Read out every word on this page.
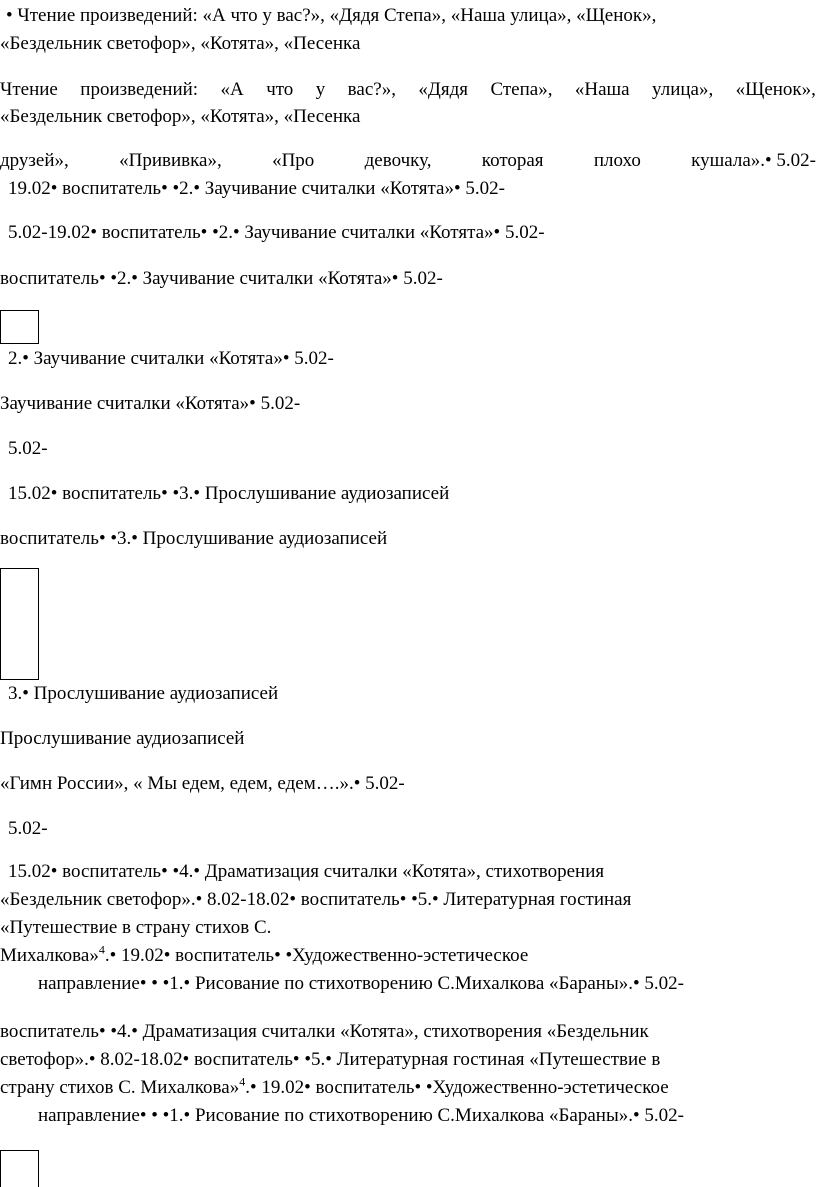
• Чтение произведений: «А что у вас?», «Дядя Степа», «Наша улица», «Щенок»,
«Бездельник светофор», «Котята», «Песенка
Чтение произведений: «А что у вас?», «Дядя Степа», «Наша улица», «Щенок»,
«Бездельник светофор», «Котята», «Песенка
друзей»,	«Прививка»,	«Про	девочку,	которая	плохо	кушала».• 5.02-
19.02• воспитатель• •2.• Заучивание считалки «Котята»• 5.02-
5.02-19.02• воспитатель• •2.• Заучивание считалки «Котята»• 5.02-
воспитатель• •2.• Заучивание считалки «Котята»• 5.02-
2.• Заучивание считалки «Котята»• 5.02-
Заучивание считалки «Котята»• 5.02-
5.02-
15.02• воспитатель• •3.• Прослушивание аудиозаписей
воспитатель• •3.• Прослушивание аудиозаписей
3.• Прослушивание аудиозаписей
Прослушивание аудиозаписей
«Гимн России», « Мы едем, едем, едем….».• 5.02-
5.02-
15.02• воспитатель• •4.• Драматизация считалки «Котята», стихотворения
«Бездельник светофор».• 8.02-18.02• воспитатель• •5.• Литературная гостиная
«Путешествие в страну стихов С.
Михалкова»$^4$.• 19.02• воспитатель• •Художественно-эстетическое
направление• • •1.• Рисование по стихотворению С.Михалкова «Бараны».• 5.02-
воспитатель• •4.• Драматизация считалки «Котята», стихотворения «Бездельник
светофор».• 8.02-18.02• воспитатель• •5.• Литературная гостиная «Путешествие в
страну стихов С. Михалкова»$^4$.• 19.02• воспитатель• •Художественно-эстетическое
направление• • •1.• Рисование по стихотворению С.Михалкова «Бараны».• 5.02-
